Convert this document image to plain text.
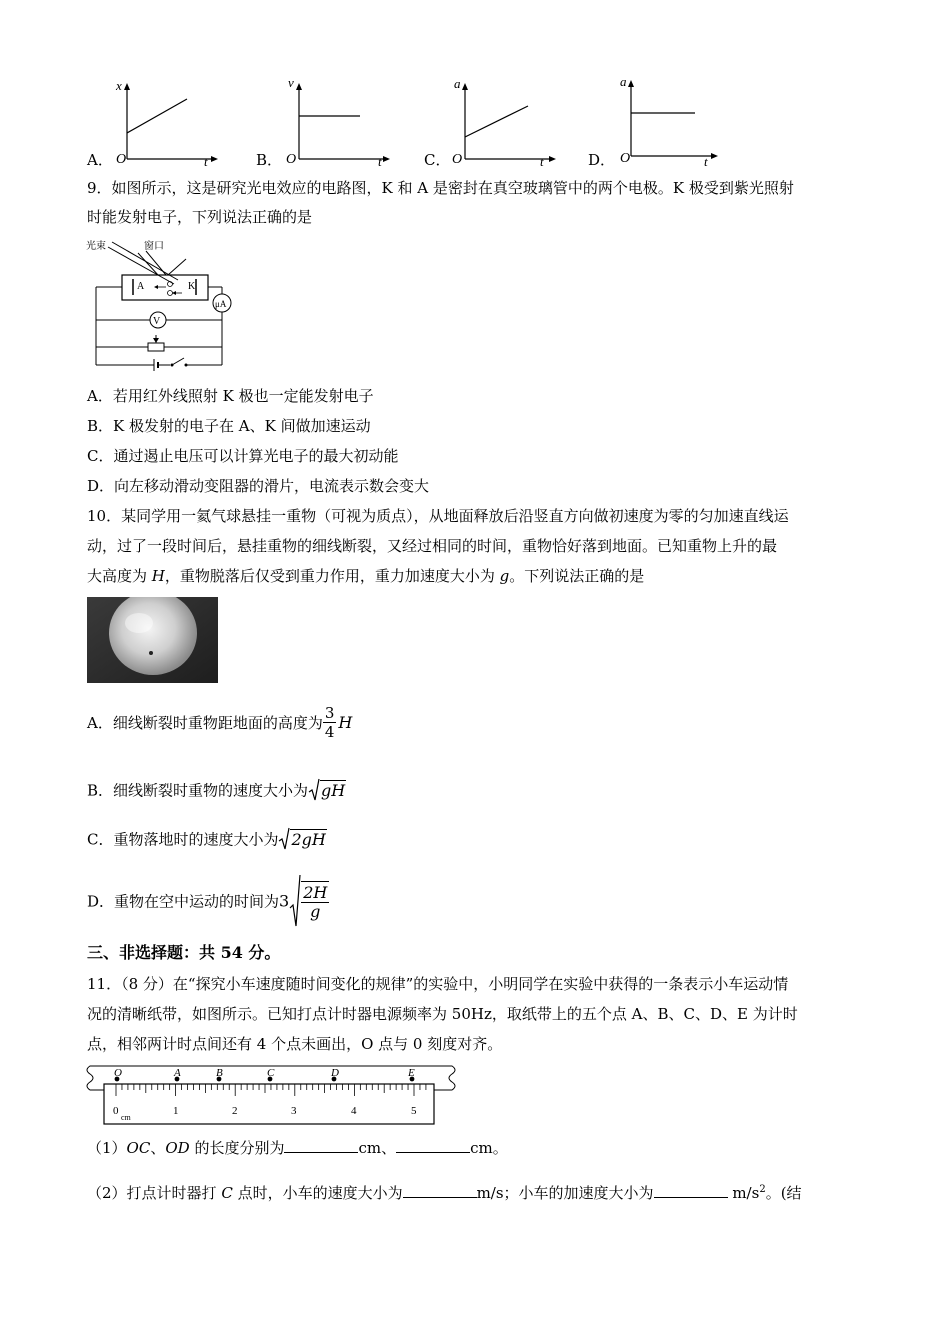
A．
x
O	t	B．
v
O	t	C．
a
O	t	D．
a
O	t
9．如图所示，这是研究光电效应的电路图，K 和 A 是密封在真空玻璃管中的两个电极。K 极受到紫光照射
时能发射电子，下列说法正确的是
光束	窗口
A	K
μA
V
A．若用红外线照射 K 极也一定能发射电子
B．K 极发射的电子在 A、K 间做加速运动
C．通过遏止电压可以计算光电子的最大初动能
D．向左移动滑动变阻器的滑片，电流表示数会变大
10．某同学用一氦气球悬挂一重物（可视为质点），从地面释放后沿竖直方向做初速度为零的匀加速直线运
动，过了一段时间后，悬挂重物的细线断裂，又经过相同的时间，重物恰好落到地面。已知重物上升的最
大高度为 H，重物脱落后仅受到重力作用，重力加速度大小为 g。下列说法正确的是
A．细线断裂时重物距地面的高度为 $\frac{3}{4}$ H
B．细线断裂时重物的速度大小为 gH
C．重物落地时的速度大小为 2gH
D．重物在空中运动的时间为$3 \frac{2H}{g}$
三、非选择题：共 54 分。
11．（8 分）在“探究小车速度随时间变化的规律”的实验中，小明同学在实验中获得的一条表示小车运动情
况的清晰纸带，如图所示。已知打点计时器电源频率为 50Hz，取纸带上的五个点 A、B、C、D、E 为计时
点，相邻两计时点间还有 4 个点未画出，O 点与 0 刻度对齐。
O	A	B	C	D	E
0	1	2	3	4	5
cm
（1）OC、OD 的长度分别为	cm、	cm。
（2）打点计时器打 C 点时，小车的速度大小为	m/s；小车的加速度大小为	$m/s^2$。(结
